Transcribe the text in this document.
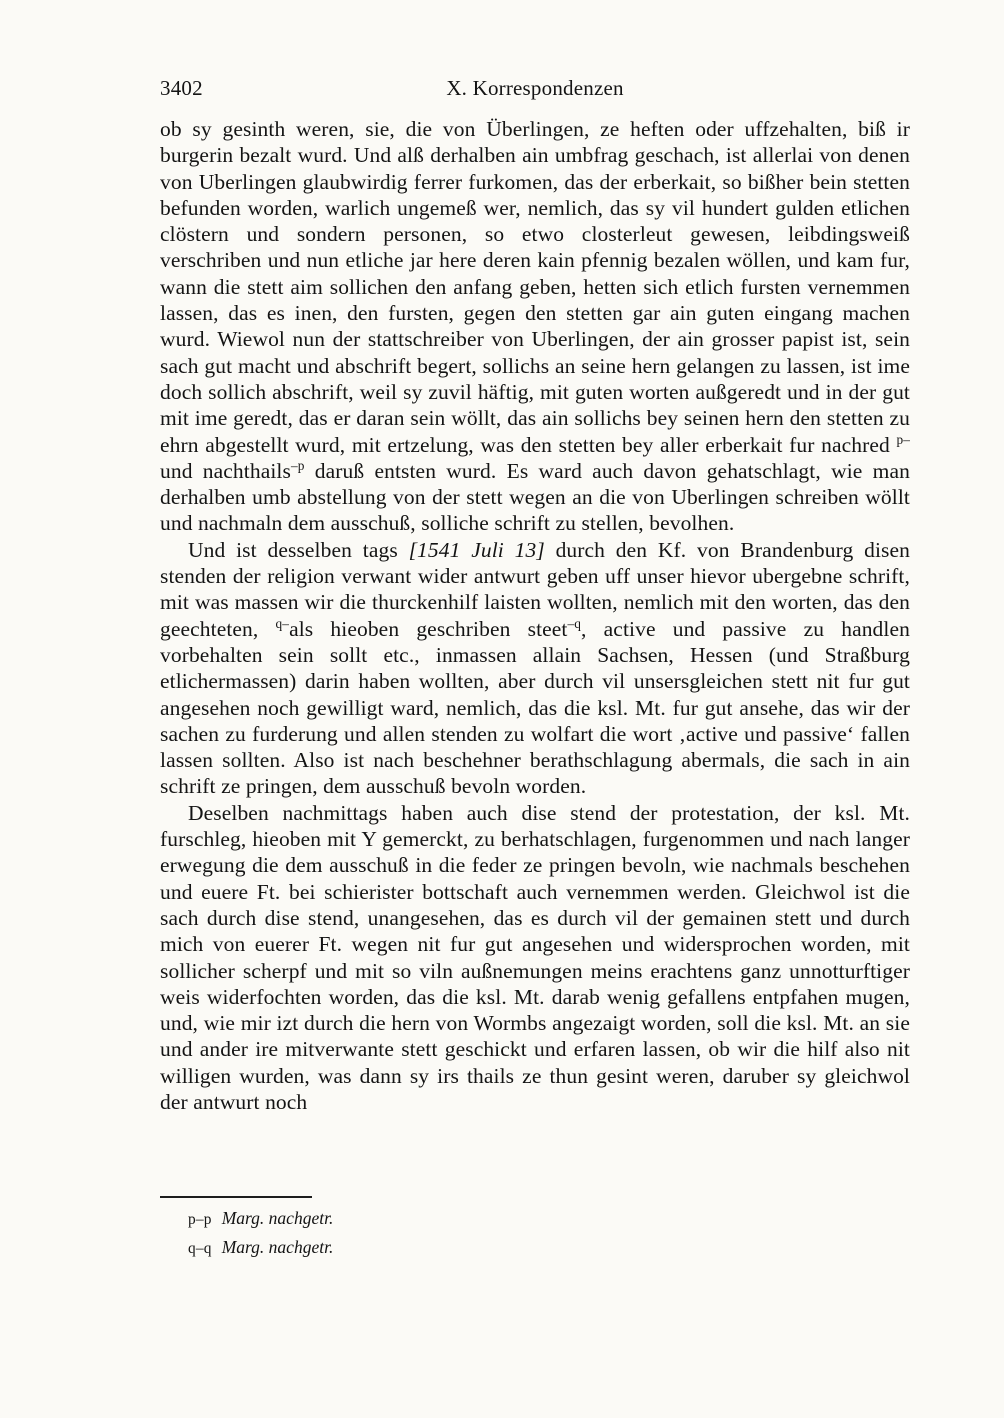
3402	X. Korrespondenzen

ob sy gesinth weren, sie, die von Überlingen, ze heften oder uffzehalten, biß ir burgerin bezalt wurd. Und alß derhalben ain umbfrag geschach, ist allerlai von denen von Uberlingen glaubwirdig ferrer furkomen, das der erberkait, so bißher bein stetten befunden worden, warlich ungemeß wer, nemlich, das sy vil hundert gulden etlichen clöstern und sondern personen, so etwo closterleut gewesen, leibdingsweiß verschriben und nun etliche jar here deren kain pfennig bezalen wöllen, und kam fur, wann die stett aim sollichen den anfang geben, hetten sich etlich fursten vernemmen lassen, das es inen, den fursten, gegen den stetten gar ain guten eingang machen wurd. Wiewol nun der stattschreiber von Uberlingen, der ain grosser papist ist, sein sach gut macht und abschrift begert, sollichs an seine hern gelangen zu lassen, ist ime doch sollich abschrift, weil sy zuvil häftig, mit guten worten außgeredt und in der gut mit ime geredt, das er daran sein wöllt, das ain sollichs bey seinen hern den stetten zu ehrn abgestellt wurd, mit ertzelung, was den stetten bey aller erberkait fur nachred $^{p-}$und nachthails$^{-p}$ daruß entsten wurd. Es ward auch davon gehatschlagt, wie man derhalben umb abstellung von der stett wegen an die von Uberlingen schreiben wöllt und nachmaln dem ausschuß, solliche schrift zu stellen, bevolhen.

Und ist desselben tags [1541 Juli 13] durch den Kf. von Brandenburg disen stenden der religion verwant wider antwurt geben uff unser hievor ubergebne schrift, mit was massen wir die thurckenhilf laisten wollten, nemlich mit den worten, das den geechteten, $^{q-}$als hieoben geschriben steet$^{-q}$, active und passive zu handlen vorbehalten sein sollt etc., inmassen allain Sachsen, Hessen (und Straßburg etlichermassen) darin haben wollten, aber durch vil unsersgleichen stett nit fur gut angesehen noch gewilligt ward, nemlich, das die ksl. Mt. fur gut ansehe, das wir der sachen zu furderung und allen stenden zu wolfart die wort ‚active und passive‘ fallen lassen sollten. Also ist nach beschehner berathschlagung abermals, die sach in ain schrift ze pringen, dem ausschuß bevoln worden.

Deselben nachmittags haben auch dise stend der protestation, der ksl. Mt. furschleg, hieoben mit Y gemerckt, zu berhatschlagen, furgenommen und nach langer erwegung die dem ausschuß in die feder ze pringen bevoln, wie nachmals beschehen und euere Ft. bei schierister bottschaft auch vernemmen werden. Gleichwol ist die sach durch dise stend, unangesehen, das es durch vil der gemainen stett und durch mich von euerer Ft. wegen nit fur gut angesehen und widersprochen worden, mit sollicher scherpf und mit so viln außnemungen meins erachtens ganz unnotturftiger weis widerfochten worden, das die ksl. Mt. darab wenig gefallens entpfahen mugen, und, wie mir izt durch die hern von Wormbs angezaigt worden, soll die ksl. Mt. an sie und ander ire mitverwante stett geschickt und erfaren lassen, ob wir die hilf also nit willigen wurden, was dann sy irs thails ze thun gesint weren, daruber sy gleichwol der antwurt noch

p–p Marg. nachgetr.
q–q Marg. nachgetr.
